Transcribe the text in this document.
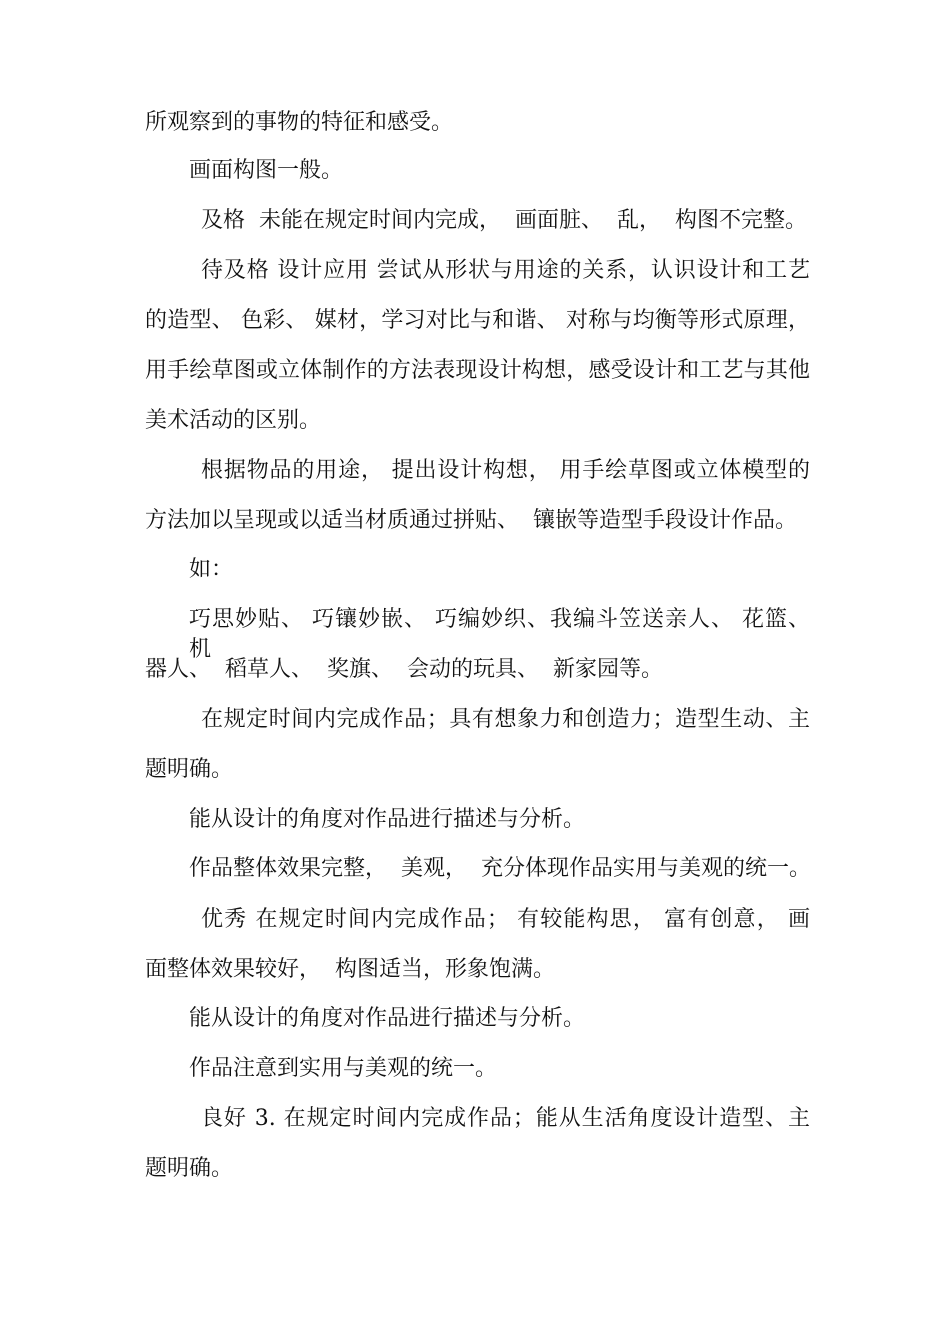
所观察到的事物的特征和感受。
画面构图一般。
及格  未能在规定时间内完成，  画面脏、  乱，  构图不完整。
待及格 设计应用 尝试从形状与用途的关系，认识设计和工艺
的造型、 色彩、 媒材，学习对比与和谐、 对称与均衡等形式原理，
用手绘草图或立体制作的方法表现设计构想，感受设计和工艺与其他
美术活动的区别。
根据物品的用途， 提出设计构想， 用手绘草图或立体模型的
方法加以呈现或以适当材质通过拼贴、  镶嵌等造型手段设计作品。
如：
巧思妙贴、 巧镶妙嵌、 巧编妙织、我编斗笠送亲人、 花篮、 机
器人、  稻草人、  奖旗、  会动的玩具、  新家园等。
在规定时间内完成作品；具有想象力和创造力；造型生动、主
题明确。
能从设计的角度对作品进行描述与分析。
作品整体效果完整，  美观，  充分体现作品实用与美观的统一。
优秀 在规定时间内完成作品； 有较能构思， 富有创意， 画
面整体效果较好，  构图适当，形象饱满。
能从设计的角度对作品进行描述与分析。
作品注意到实用与美观的统一。
良好 3. 在规定时间内完成作品；能从生活角度设计造型、主
题明确。
